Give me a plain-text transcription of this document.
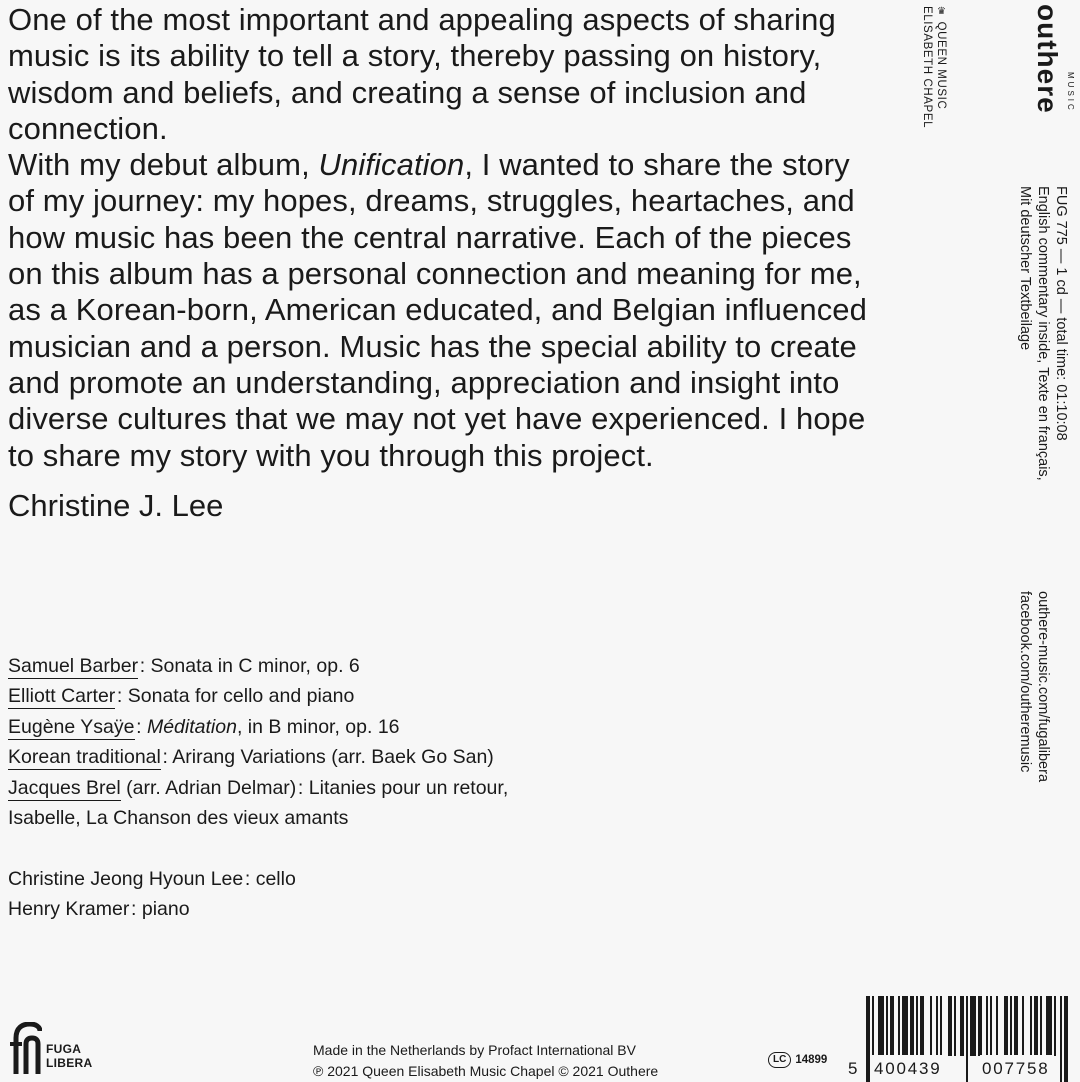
One of the most important and appealing aspects of sharing music is its ability to tell a story, thereby passing on history, wisdom and beliefs, and creating a sense of inclusion and connection.

With my debut album, Unification, I wanted to share the story of my journey: my hopes, dreams, struggles, heartaches, and how music has been the central narrative. Each of the pieces on this album has a personal connection and meaning for me, as a Korean-born, American educated, and Belgian influenced musician and a person. Music has the special ability to create and promote an understanding, appreciation and insight into diverse cultures that we may not yet have experienced. I hope to share my story with you through this project.

Christine J. Lee
Samuel Barber : Sonata in C minor, op. 6
Elliott Carter : Sonata for cello and piano
Eugène Ysaÿe : Méditation, in B minor, op. 16
Korean traditional : Arirang Variations (arr. Baek Go San)
Jacques Brel (arr. Adrian Delmar) : Litanies pour un retour,
Isabelle, La Chanson des vieux amants
Christine Jeong Hyoun Lee : cello
Henry Kramer : piano
♛QUEEN MUSIC
ELISABETH CHAPEL	outhere MUSIC
FUG 775 — 1 cd — total time: 01:10:08
English commentary inside, Texte en français,
Mit deutscher Textbeilage
outhere-music.com/fugalibera
facebook.com/outheremusic
FUGA
LIBERA
Made in the Netherlands by Profact International BV
℗ 2021 Queen Elisabeth Music Chapel © 2021 Outhere
LC 14899 5 400439 007758
